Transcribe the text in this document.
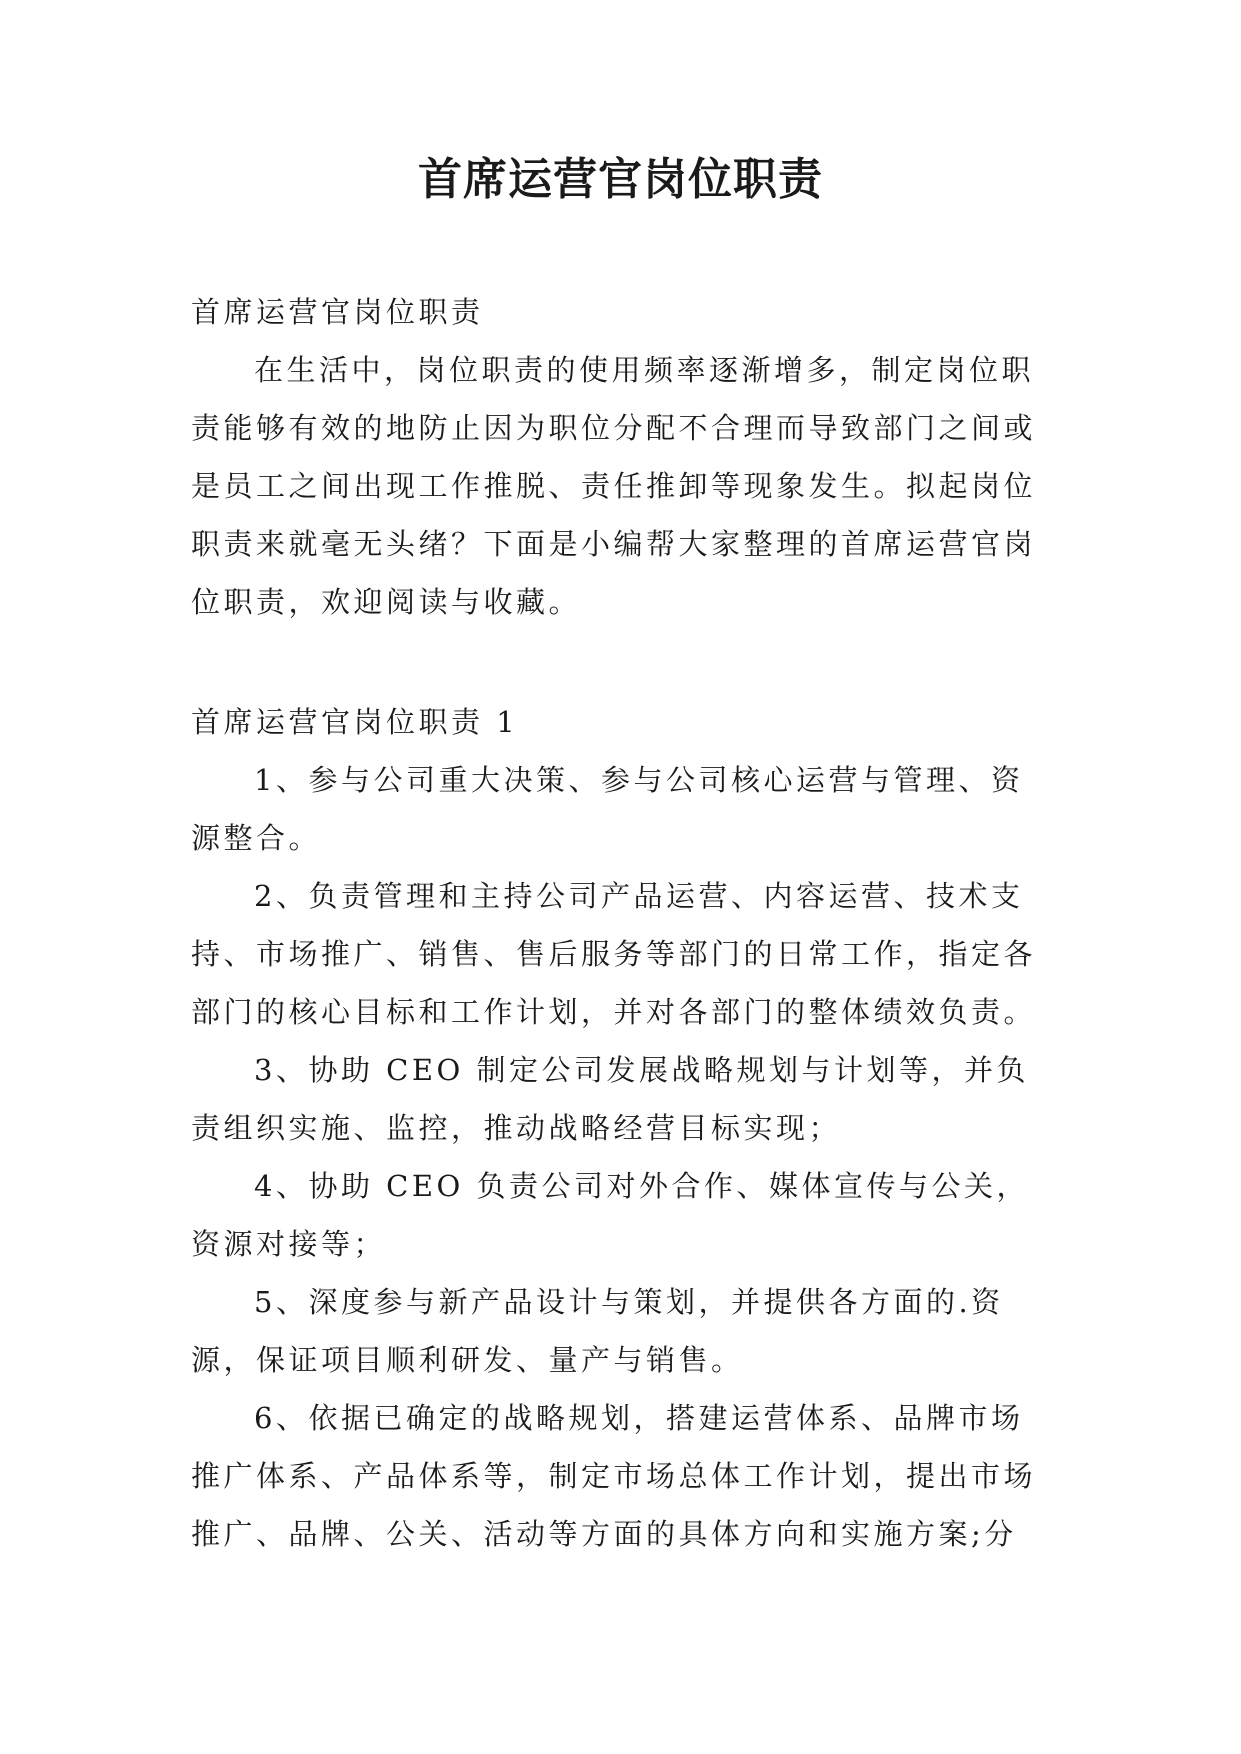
首席运营官岗位职责

首席运营官岗位职责

在生活中，岗位职责的使用频率逐渐增多，制定岗位职责能够有效的地防止因为职位分配不合理而导致部门之间或是员工之间出现工作推脱、责任推卸等现象发生。拟起岗位职责来就毫无头绪？下面是小编帮大家整理的首席运营官岗位职责，欢迎阅读与收藏。

首席运营官岗位职责 1

1、参与公司重大决策、参与公司核心运营与管理、资源整合。

2、负责管理和主持公司产品运营、内容运营、技术支持、市场推广、销售、售后服务等部门的日常工作，指定各部门的核心目标和工作计划，并对各部门的整体绩效负责。

3、协助 CEO 制定公司发展战略规划与计划等，并负责组织实施、监控，推动战略经营目标实现；

4、协助 CEO 负责公司对外合作、媒体宣传与公关，资源对接等；

5、深度参与新产品设计与策划，并提供各方面的.资源，保证项目顺利研发、量产与销售。

6、依据已确定的战略规划，搭建运营体系、品牌市场推广体系、产品体系等，制定市场总体工作计划，提出市场推广、品牌、公关、活动等方面的具体方向和实施方案;分
